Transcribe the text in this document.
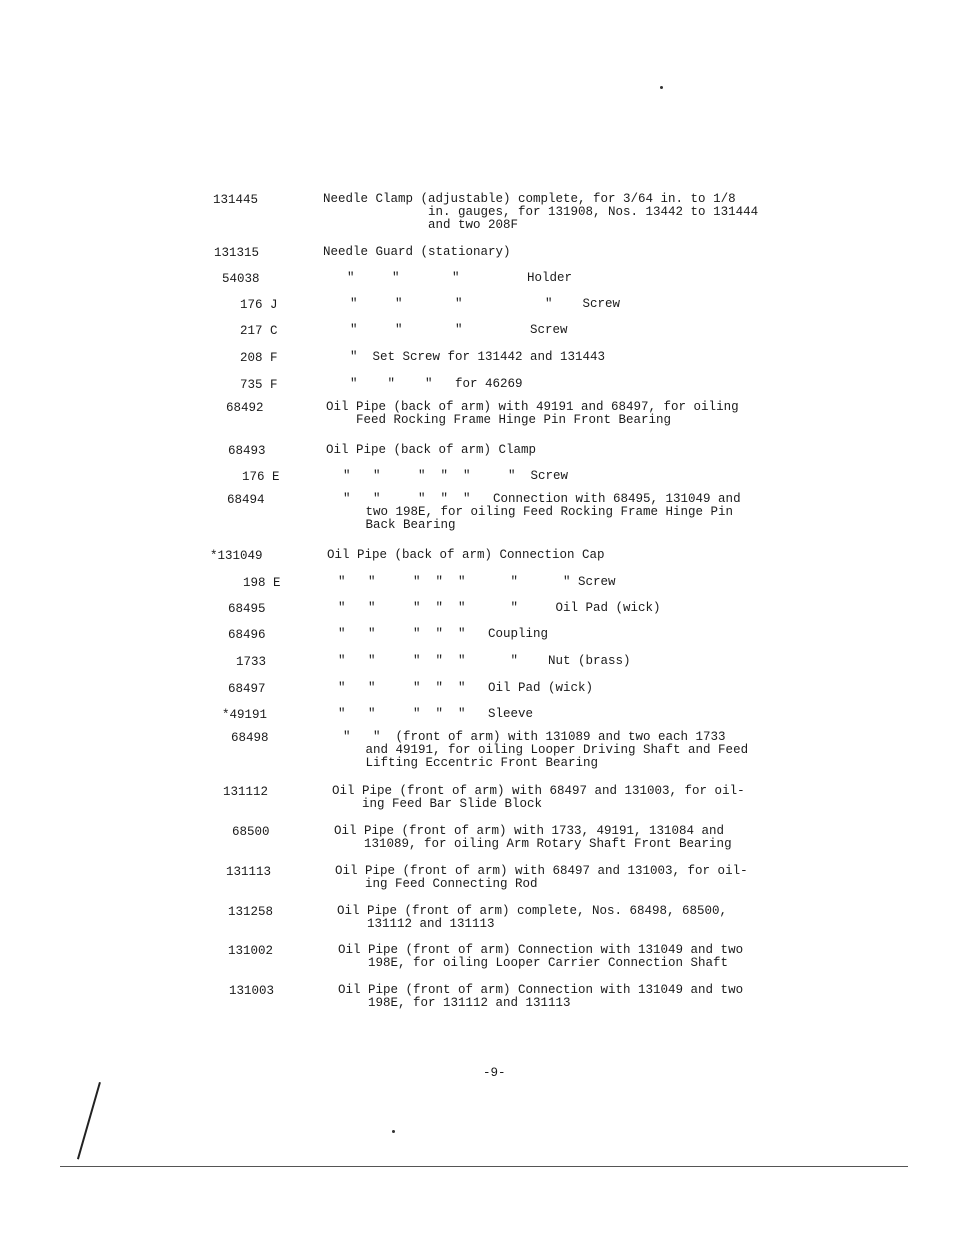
131445	Needle Clamp (adjustable) complete, for 3/64 in. to 1/8
in. gauges, for 131908, Nos. 13442 to 131444
and two 208F
131315	Needle Guard (stationary)
54038	"     "       "         Holder
176 J	"     "       "           "    Screw
217 C	"     "       "         Screw
208 F	"  Set Screw for 131442 and 131443
735 F	"    "    "   for 46269
68492	Oil Pipe (back of arm) with 49191 and 68497, for oiling
Feed Rocking Frame Hinge Pin Front Bearing
68493	Oil Pipe (back of arm) Clamp
176 E	"   "     "  "  "     "  Screw
68494	"   "     "  "  "   Connection with 68495, 131049 and
two 198E, for oiling Feed Rocking Frame Hinge Pin
Back Bearing
*131049	Oil Pipe (back of arm) Connection Cap
198 E	"   "     "  "  "      "      " Screw
68495	"   "     "  "  "      "     Oil Pad (wick)
68496	"   "     "  "  "   Coupling
1733	"   "     "  "  "      "    Nut (brass)
68497	"   "     "  "  "   Oil Pad (wick)
*49191	"   "     "  "  "   Sleeve
68498	"   "  (front of arm) with 131089 and two each 1733
and 49191, for oiling Looper Driving Shaft and Feed
Lifting Eccentric Front Bearing
131112	Oil Pipe (front of arm) with 68497 and 131003, for oil-
ing Feed Bar Slide Block
68500	Oil Pipe (front of arm) with 1733, 49191, 131084 and
131089, for oiling Arm Rotary Shaft Front Bearing
131113	Oil Pipe (front of arm) with 68497 and 131003, for oil-
ing Feed Connecting Rod
131258	Oil Pipe (front of arm) complete, Nos. 68498, 68500,
131112 and 131113
131002	Oil Pipe (front of arm) Connection with 131049 and two
198E, for oiling Looper Carrier Connection Shaft
131003	Oil Pipe (front of arm) Connection with 131049 and two
198E, for 131112 and 131113
-9-
